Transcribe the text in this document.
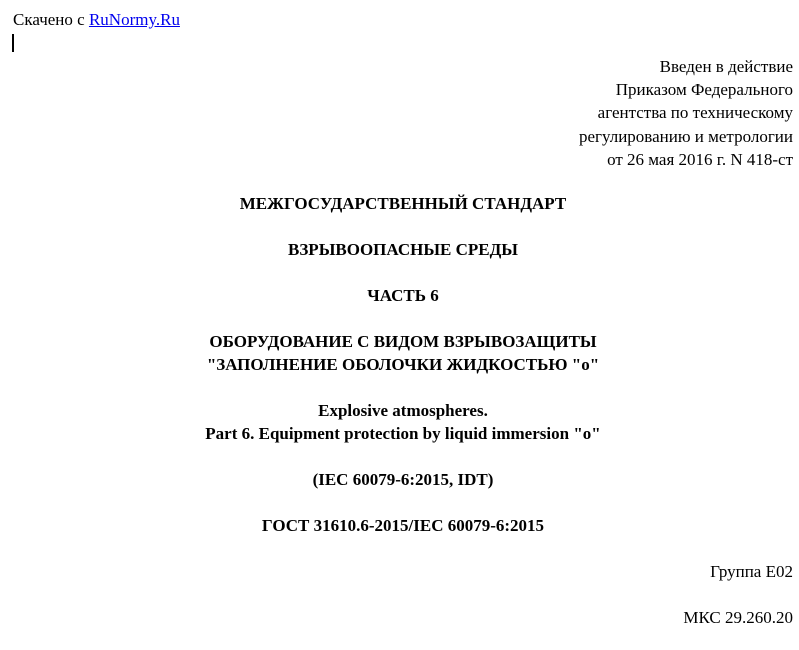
Скачено с RuNormy.Ru
Введен в действие
Приказом Федерального
агентства по техническому
регулированию и метрологии
от 26 мая 2016 г. N 418-ст
МЕЖГОСУДАРСТВЕННЫЙ СТАНДАРТ
ВЗРЫВООПАСНЫЕ СРЕДЫ
ЧАСТЬ 6
ОБОРУДОВАНИЕ С ВИДОМ ВЗРЫВОЗАЩИТЫ
"ЗАПОЛНЕНИЕ ОБОЛОЧКИ ЖИДКОСТЬЮ "о"
Explosive atmospheres.
Part 6. Equipment protection by liquid immersion "o"
(IEC 60079-6:2015, IDT)
ГОСТ 31610.6-2015/IEC 60079-6:2015
Группа Е02
МКС 29.260.20
